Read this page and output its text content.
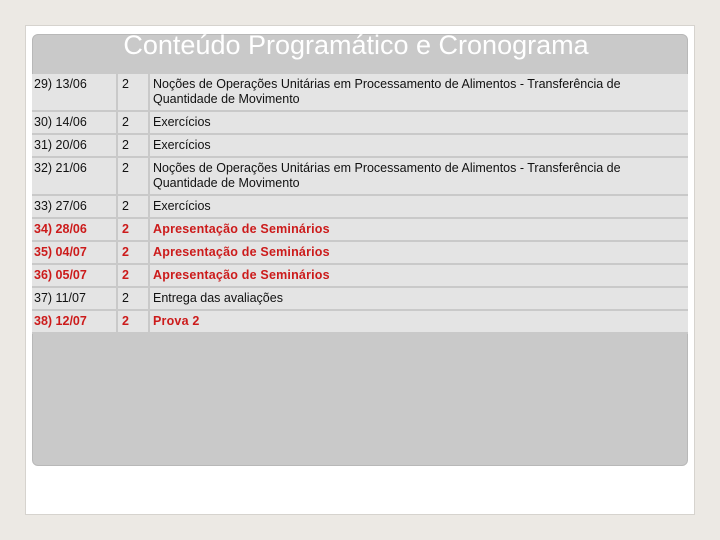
Conteúdo Programático e Cronograma
29) 13/06	2	Noções de Operações Unitárias em Processamento de Alimentos - Transferência de Quantidade de Movimento
30) 14/06	2	Exercícios
31) 20/06	2	Exercícios
32) 21/06	2	Noções de Operações Unitárias em Processamento de Alimentos - Transferência de Quantidade de Movimento
33) 27/06	2	Exercícios
34) 28/06	2	Apresentação de Seminários
35) 04/07	2	Apresentação de Seminários
36) 05/07	2	Apresentação de Seminários
37) 11/07	2	Entrega das avaliações
38) 12/07	2	Prova 2
